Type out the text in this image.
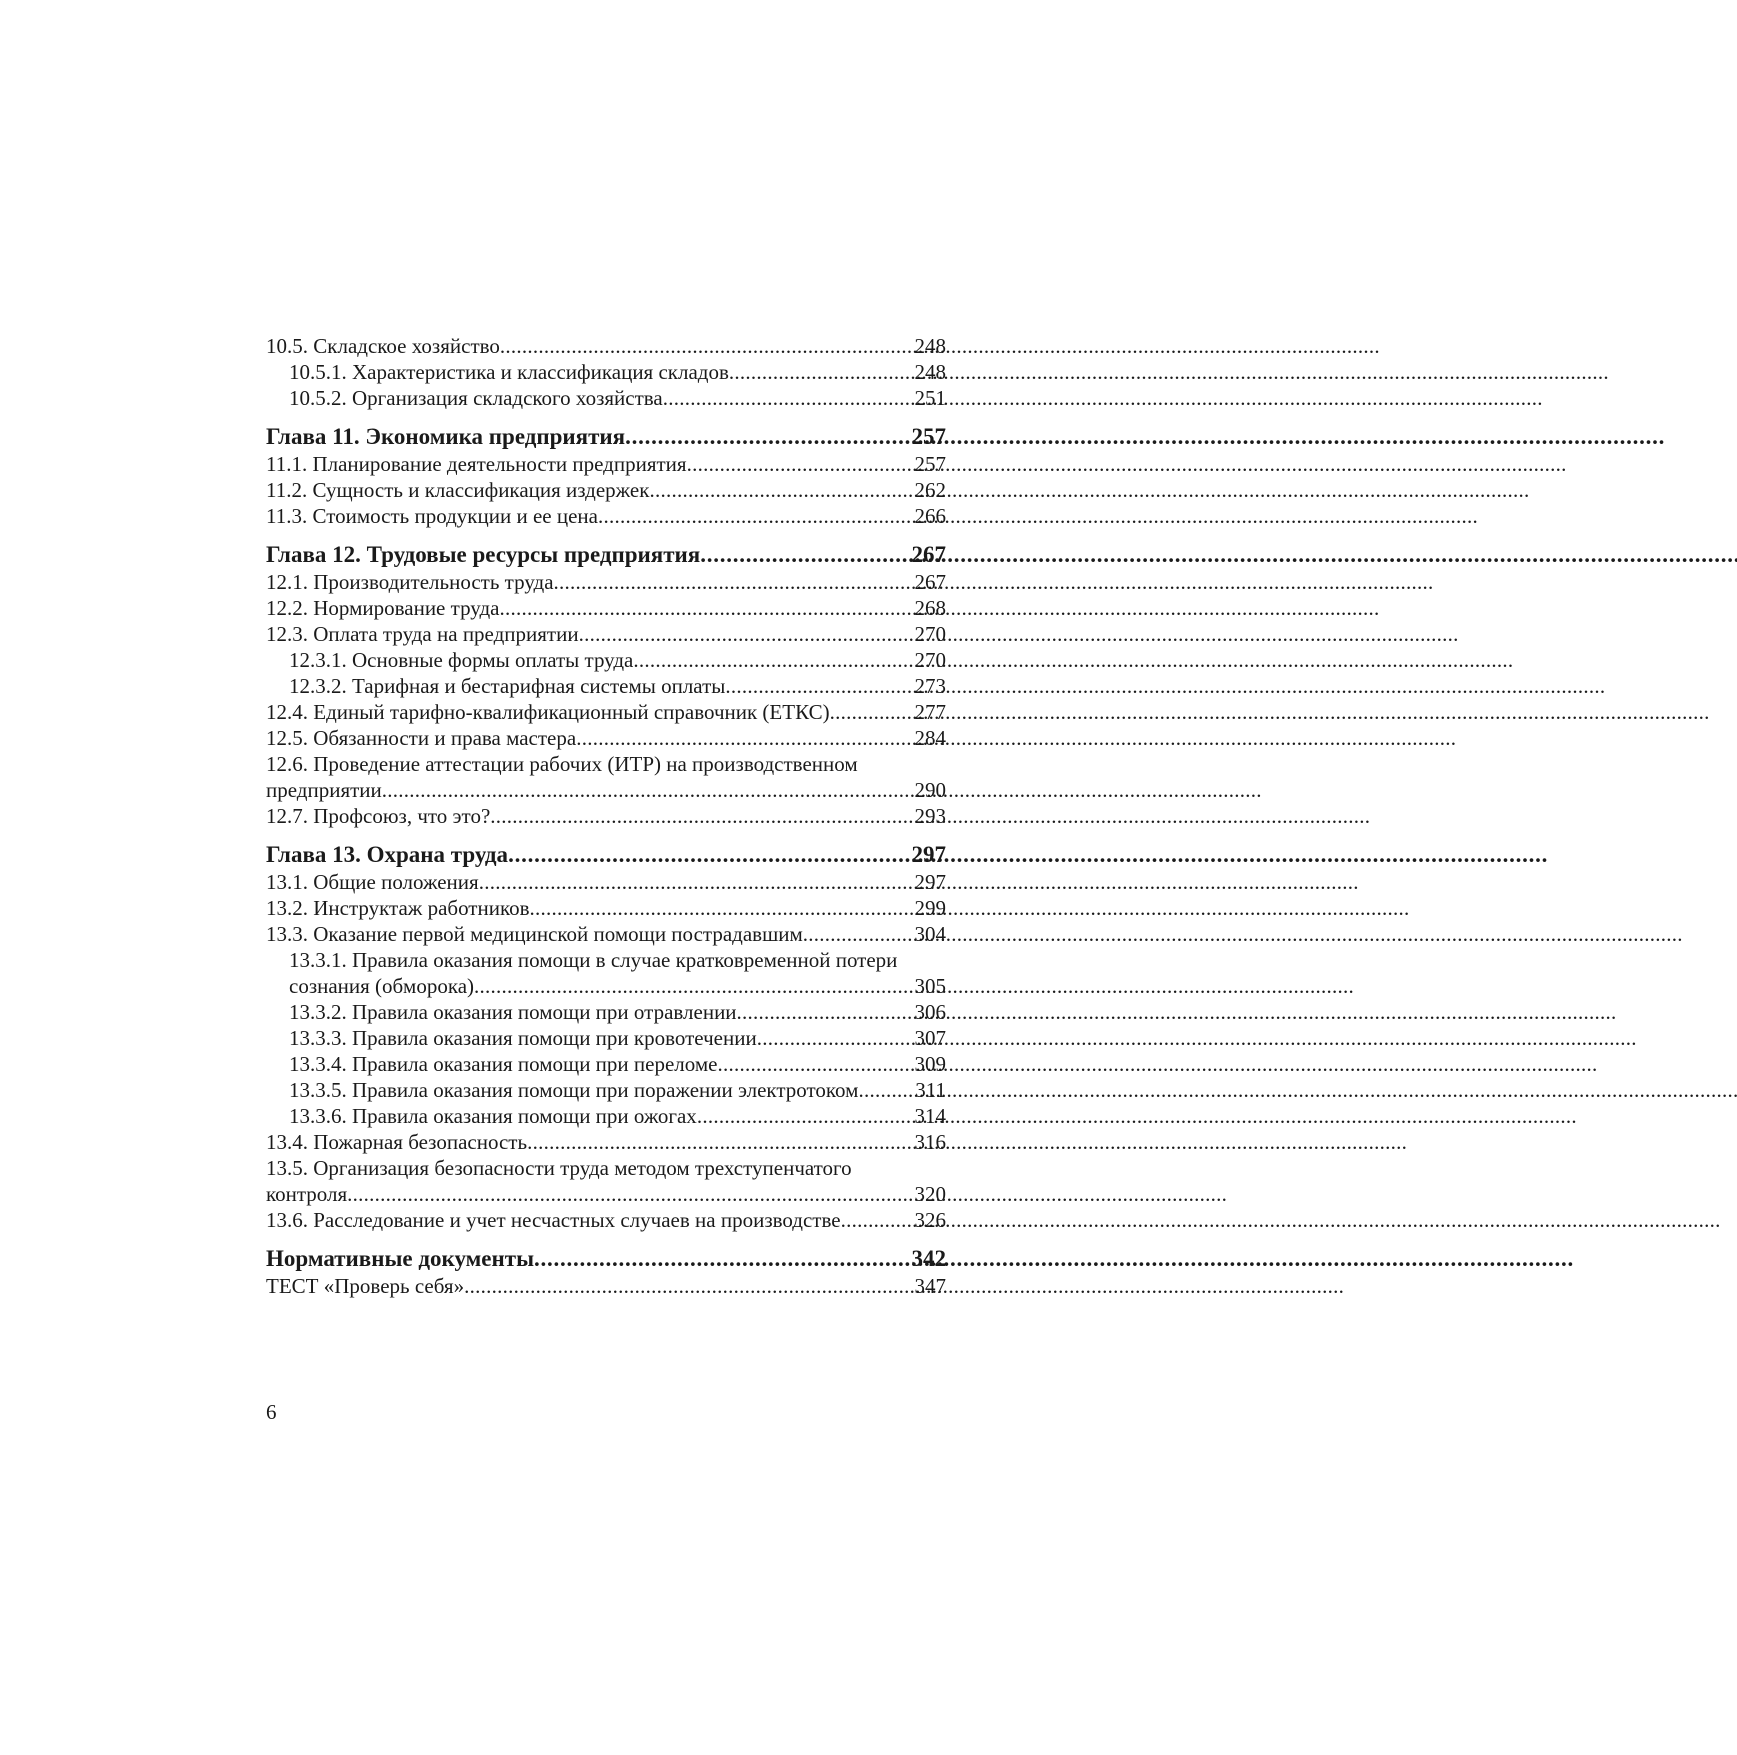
10.5. Складское хозяйство . . .	248
10.5.1. Характеристика и классификация складов . . .	248
10.5.2. Организация складского хозяйства . . .	251
Глава 11. Экономика предприятия . . .	257
11.1. Планирование деятельности предприятия . . .	257
11.2. Сущность и классификация издержек . . .	262
11.3. Стоимость продукции и ее цена . . .	266
Глава 12. Трудовые ресурсы предприятия . . .	267
12.1. Производительность труда . . .	267
12.2. Нормирование труда . . .	268
12.3. Оплата труда на предприятии . . .	270
12.3.1. Основные формы оплаты труда . . .	270
12.3.2. Тарифная и бестарифная системы оплаты . . .	273
12.4. Единый тарифно-квалификационный справочник (ЕТКС) . . .	277
12.5. Обязанности и права мастера . . .	284
12.6. Проведение аттестации рабочих (ИТР) на производственном
предприятии . . .	290
12.7. Профсоюз, что это? . . .	293
Глава 13. Охрана труда . . .	297
13.1. Общие положения . . .	297
13.2. Инструктаж работников . . .	299
13.3. Оказание первой медицинской помощи пострадавшим . . .	304
13.3.1. Правила оказания помощи в случае кратковременной потери
сознания (обморока) . . .	305
13.3.2. Правила оказания помощи при отравлении . . .	306
13.3.3. Правила оказания помощи при кровотечении . . .	307
13.3.4. Правила оказания помощи при переломе . . .	309
13.3.5. Правила оказания помощи при поражении электротоком . . .	311
13.3.6. Правила оказания помощи при ожогах . . .	314
13.4. Пожарная безопасность . . .	316
13.5. Организация безопасности труда методом трехступенчатого
контроля . . .	320
13.6. Расследование и учет несчастных случаев на производстве . . .	326
Нормативные документы . . .	342
ТЕСТ «Проверь себя» . . .	347
6
